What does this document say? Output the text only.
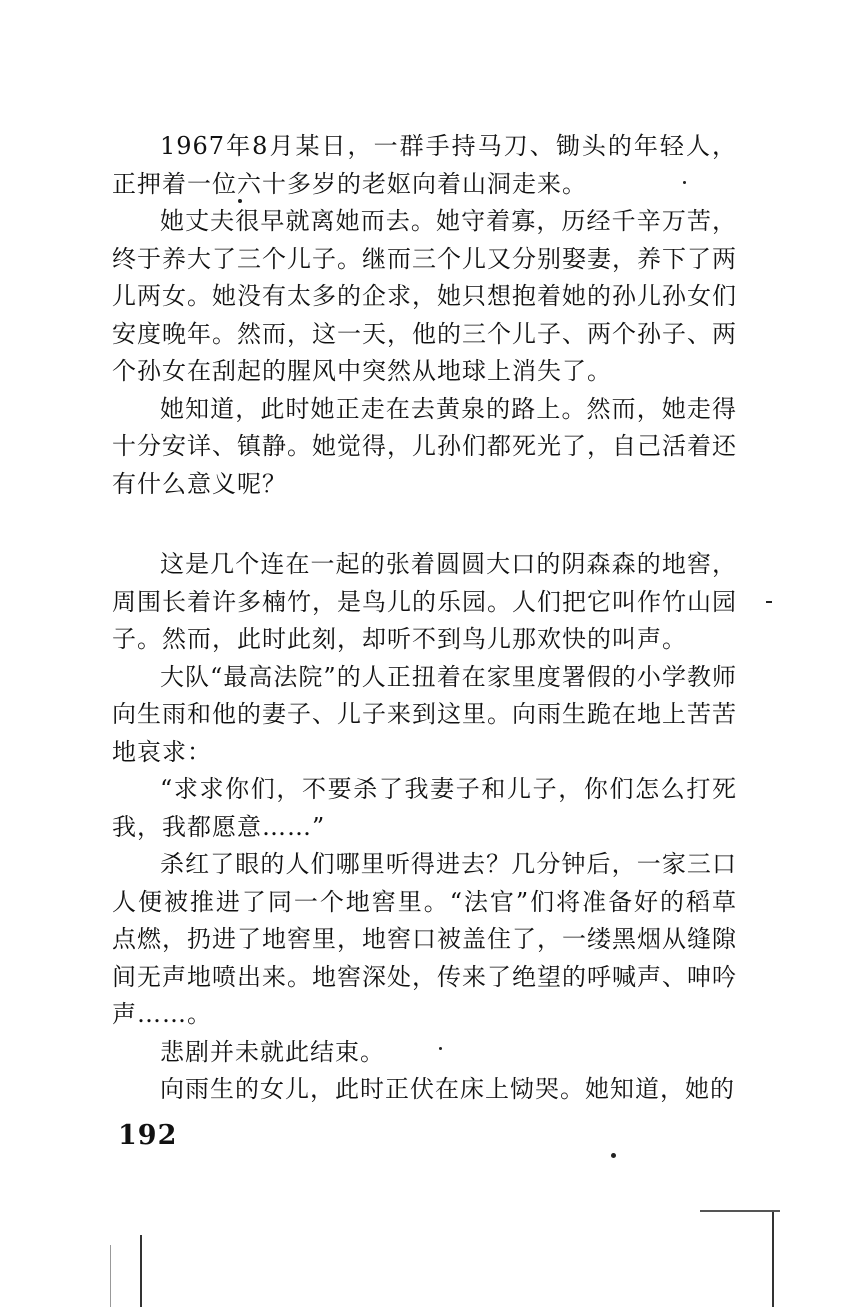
1967年8月某日，一群手持马刀、锄头的年轻人，正押着一位六十多岁的老妪向着山洞走来。

她丈夫很早就离她而去。她守着寡，历经千辛万苦，终于养大了三个儿子。继而三个儿又分别娶妻，养下了两儿两女。她没有太多的企求，她只想抱着她的孙儿孙女们安度晚年。然而，这一天，他的三个儿子、两个孙子、两个孙女在刮起的腥风中突然从地球上消失了。

她知道，此时她正走在去黄泉的路上。然而，她走得十分安详、镇静。她觉得，儿孙们都死光了，自己活着还有什么意义呢？

这是几个连在一起的张着圆圆大口的阴森森的地窖，周围长着许多楠竹，是鸟儿的乐园。人们把它叫作竹山园子。然而，此时此刻，却听不到鸟儿那欢快的叫声。

大队“最高法院”的人正扭着在家里度署假的小学教师向生雨和他的妻子、儿子来到这里。向雨生跪在地上苦苦地哀求：

“求求你们，不要杀了我妻子和儿子，你们怎么打死我，我都愿意……”

杀红了眼的人们哪里听得进去？几分钟后，一家三口人便被推进了同一个地窖里。“法官”们将准备好的稻草点燃，扔进了地窖里，地窖口被盖住了，一缕黑烟从缝隙间无声地喷出来。地窖深处，传来了绝望的呼喊声、呻吟声……。

悲剧并未就此结束。

向雨生的女儿，此时正伏在床上恸哭。她知道，她的

192
